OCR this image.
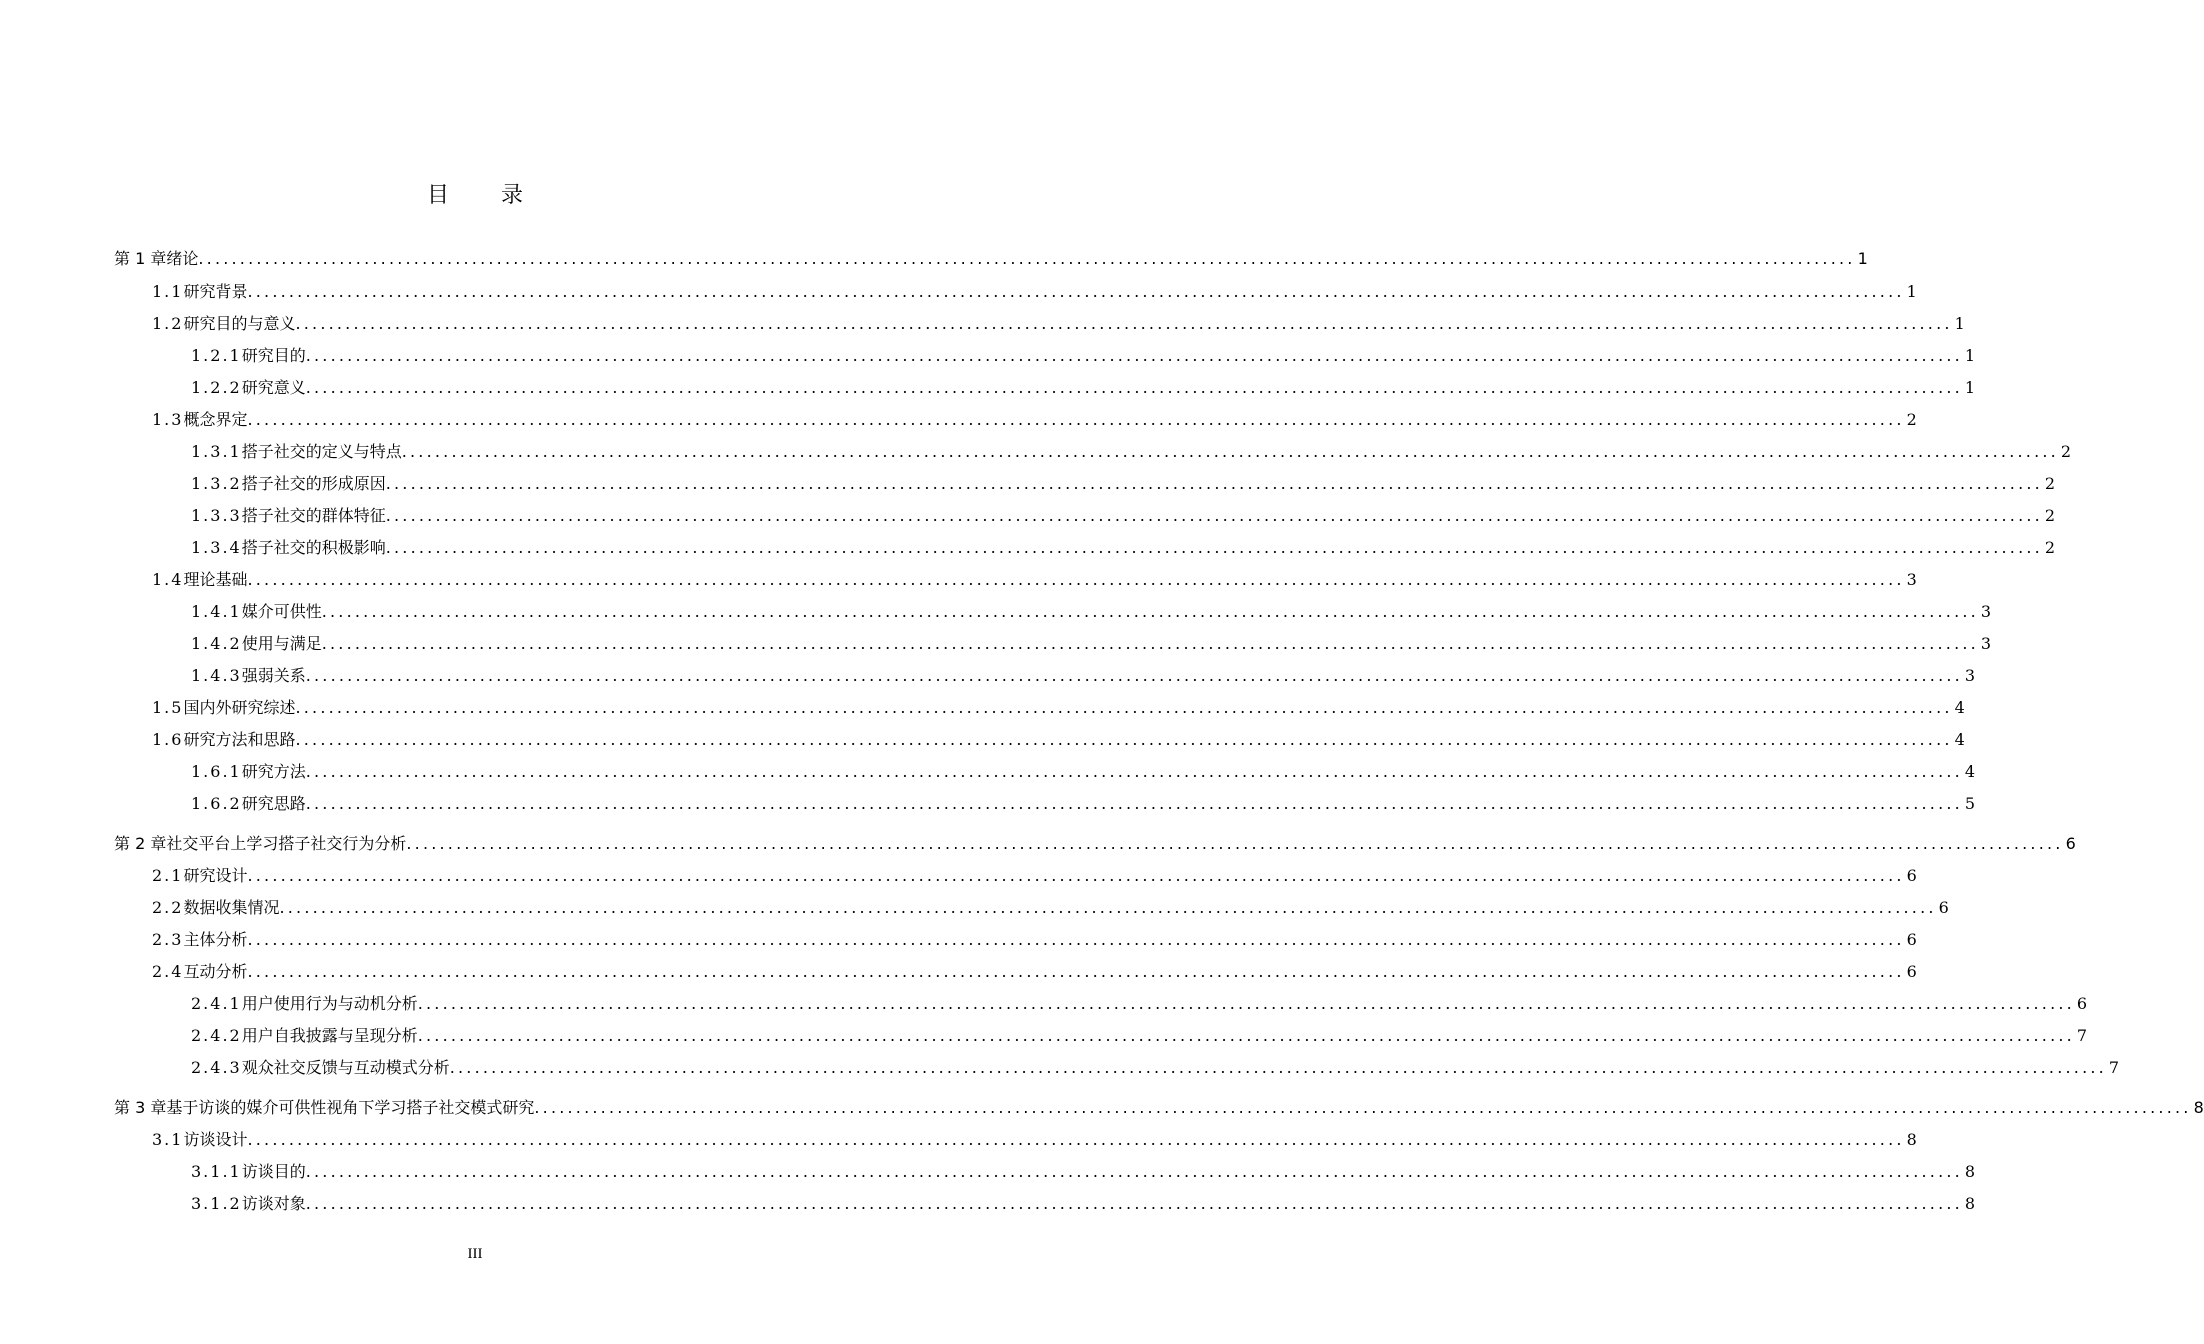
目 录
第 1 章 绪论 ........................................................................................................................................................................................................ 1
1.1 研究背景 ........................................................................................................................................................................................................ 1
1.2 研究目的与意义 ........................................................................................................................................................................................................ 1
1.2.1 研究目的 ........................................................................................................................................................................................................ 1
1.2.2 研究意义 ........................................................................................................................................................................................................ 1
1.3 概念界定 ........................................................................................................................................................................................................ 2
1.3.1 搭子社交的定义与特点 ........................................................................................................................................................................................................ 2
1.3.2 搭子社交的形成原因 ........................................................................................................................................................................................................ 2
1.3.3 搭子社交的群体特征 ........................................................................................................................................................................................................ 2
1.3.4 搭子社交的积极影响 ........................................................................................................................................................................................................ 2
1.4 理论基础 ........................................................................................................................................................................................................ 3
1.4.1 媒介可供性 ........................................................................................................................................................................................................ 3
1.4.2 使用与满足 ........................................................................................................................................................................................................ 3
1.4.3 强弱关系 ........................................................................................................................................................................................................ 3
1.5 国内外研究综述 ........................................................................................................................................................................................................ 4
1.6 研究方法和思路 ........................................................................................................................................................................................................ 4
1.6.1 研究方法 ........................................................................................................................................................................................................ 4
1.6.2 研究思路 ........................................................................................................................................................................................................ 5
第 2 章 社交平台上学习搭子社交行为分析 ........................................................................................................................................................................................................ 6
2.1 研究设计 ........................................................................................................................................................................................................ 6
2.2 数据收集情况 ........................................................................................................................................................................................................ 6
2.3 主体分析 ........................................................................................................................................................................................................ 6
2.4 互动分析 ........................................................................................................................................................................................................ 6
2.4.1 用户使用行为与动机分析 ........................................................................................................................................................................................................ 6
2.4.2 用户自我披露与呈现分析 ........................................................................................................................................................................................................ 7
2.4.3 观众社交反馈与互动模式分析 ........................................................................................................................................................................................................ 7
第 3 章 基于访谈的媒介可供性视角下学习搭子社交模式研究 ........................................................................................................................................................................................................ 8
3.1 访谈设计 ........................................................................................................................................................................................................ 8
3.1.1 访谈目的 ........................................................................................................................................................................................................ 8
3.1.2 访谈对象 ........................................................................................................................................................................................................ 8
III
